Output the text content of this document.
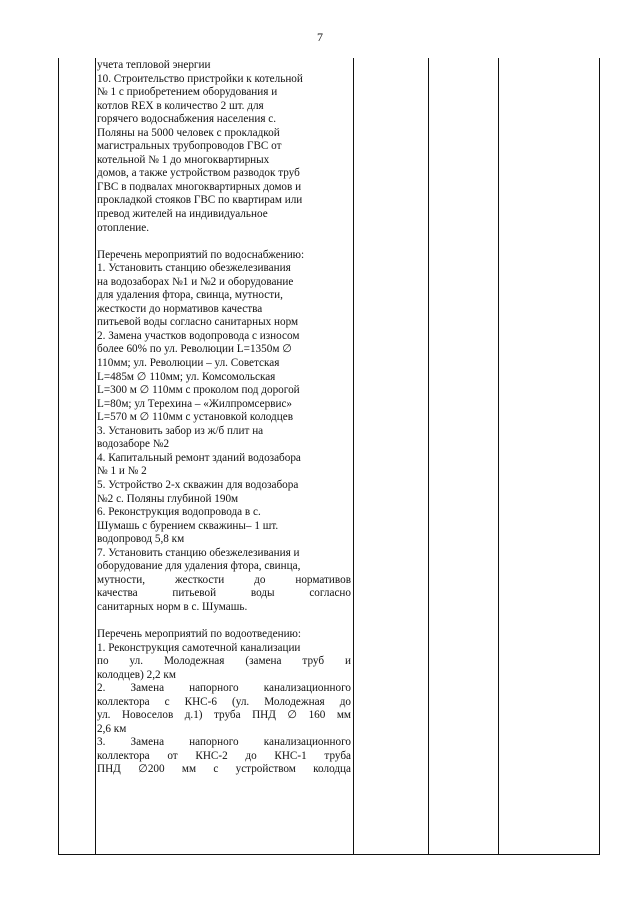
7
учета тепловой энергии
10. Строительство пристройки к котельной
№ 1 с приобретением оборудования и
котлов REX в количество 2 шт. для
горячего водоснабжения населения с.
Поляны на 5000 человек с прокладкой
магистральных трубопроводов ГВС от
котельной № 1 до многоквартирных
домов, а также устройством разводок труб
ГВС в подвалах многоквартирных домов и
прокладкой стояков ГВС по квартирам или
превод жителей на индивидуальное
отопление.
Перечень мероприятий по водоснабжению:
1. Установить станцию обезжелезивания
на водозаборах №1 и №2 и оборудование
для удаления фтора, свинца, мутности,
жесткости до нормативов качества
питьевой воды согласно санитарных норм
2. Замена участков водопровода с износом
более 60% по ул. Революции L=1350м ∅
110мм; ул. Революции – ул. Советская
L=485м ∅ 110мм; ул. Комсомольская
L=300 м ∅ 110мм с проколом под дорогой
L=80м; ул Терехина – «Жилпромсервис»
L=570 м ∅ 110мм с установкой колодцев
3. Установить забор из ж/б плит на
водозаборе №2
4. Капитальный ремонт зданий водозабора
№ 1 и № 2
5. Устройство 2-х скважин для водозабора
№2 с. Поляны глубиной 190м
6. Реконструкция водопровода в с.
Шумашь с бурением скважины– 1 шт.
водопровод 5,8 км
7. Установить станцию обезжелезивания и
оборудование для удаления фтора, свинца,
мутности, жесткости до нормативов
качества питьевой воды согласно
санитарных норм в с. Шумашь.
Перечень мероприятий по водоотведению:
1. Реконструкция самотечной канализации
по ул. Молодежная (замена труб и
колодцев) 2,2 км
2. Замена напорного канализационного
коллектора с КНС-6 (ул. Молодежная до
ул. Новоселов д.1) труба ПНД ∅ 160 мм
2,6 км
3. Замена напорного канализационного
коллектора от КНС-2 до КНС-1 труба
ПНД ∅200 мм с устройством колодца
